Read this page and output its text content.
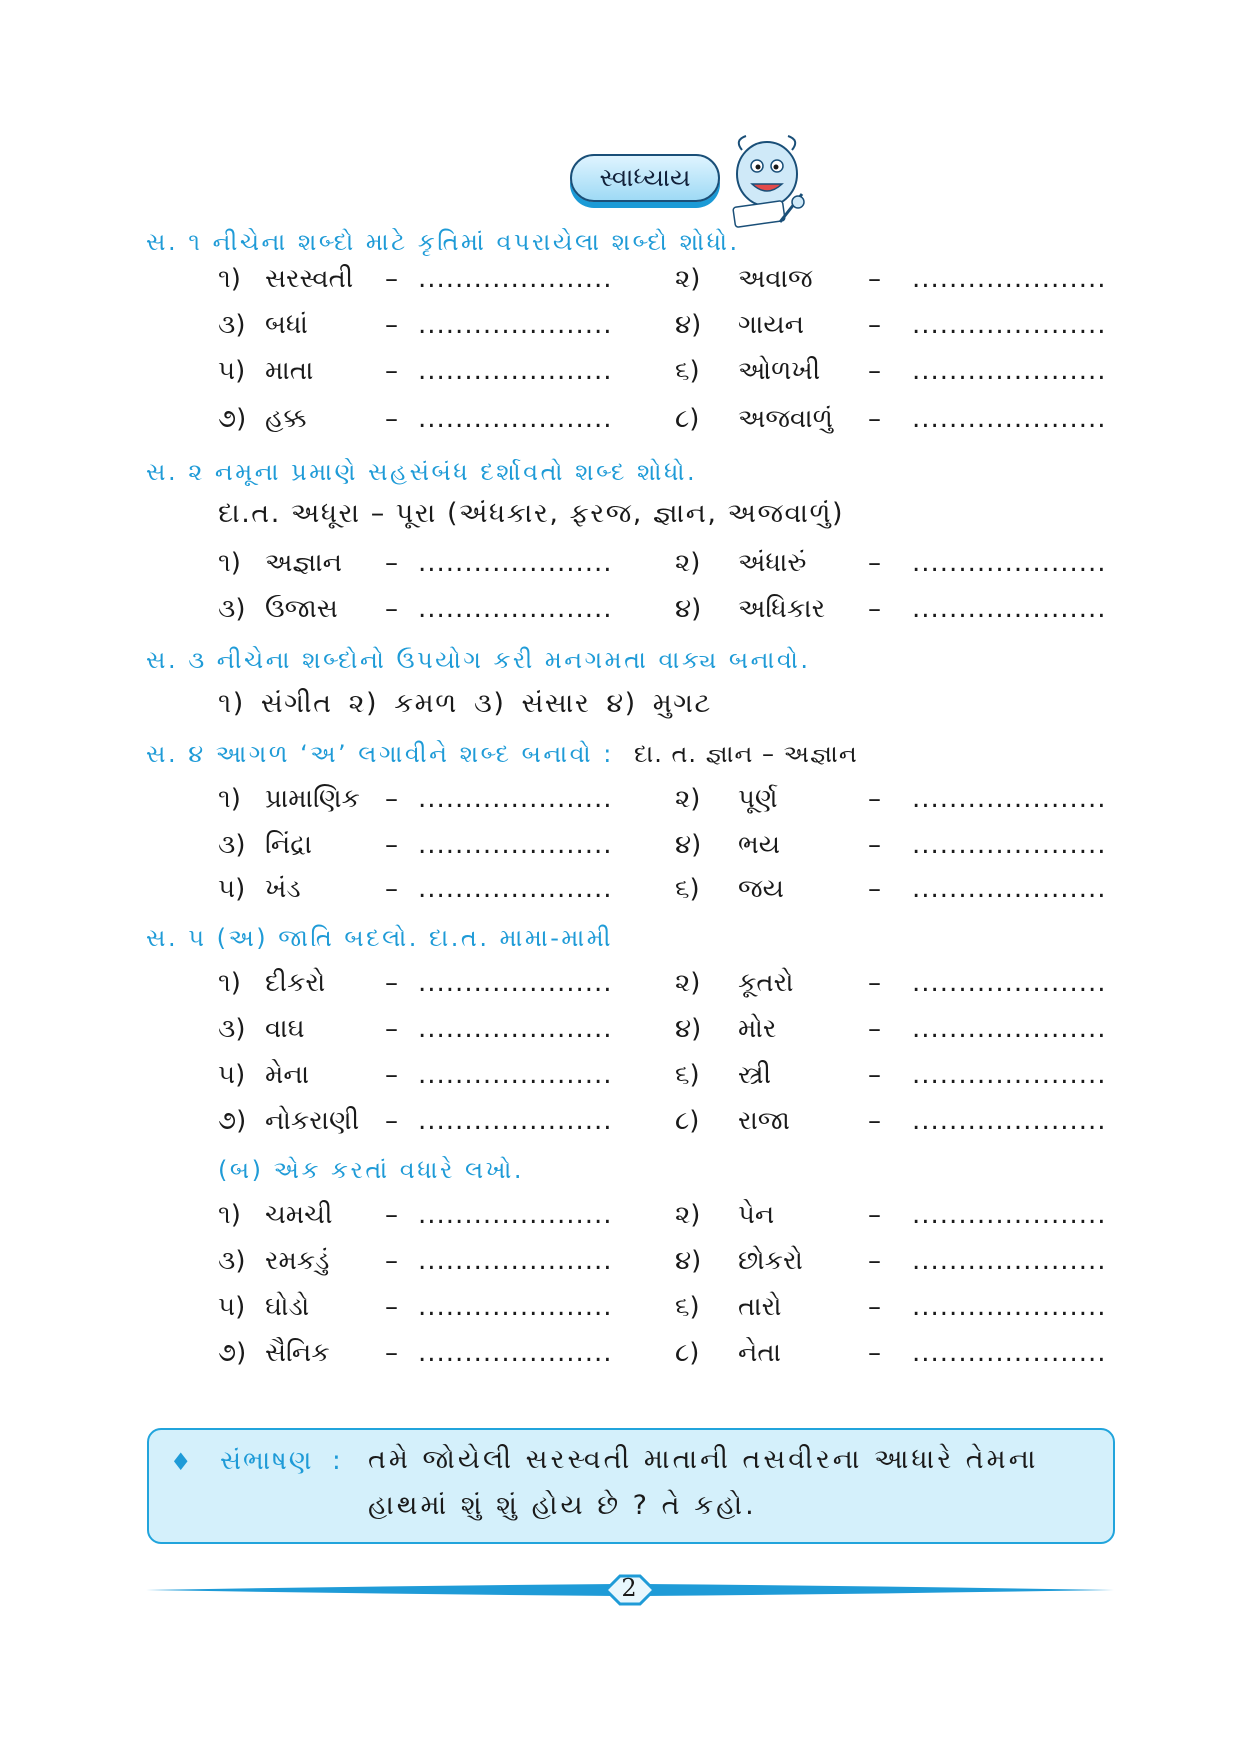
સ્વાધ્યાય
સ. ૧ નીચેના શબ્દો માટે કૃતિમાં વપરાયેલા શબ્દો શોધો.
૧) સરસ્વતી – ..................... ૨) અવાજ – .....................
૩) બધાં	– ..................... ૪) ગાયન – .....................
૫) માતા	– ..................... ૬) ઓળખી – .....................
૭) હક્ક	– ..................... ૮) અજવાળું – .....................
સ. ૨ નમૂના પ્રમાણે સહસંબંધ દર્શાવતો શબ્દ શોધો.
દા.ત. અધૂરા – પૂરા (અંધકાર, ફરજ, જ્ઞાન, અજવાળું)
૧) અજ્ઞાન – ..................... ૨) અંધારું – .....................
૩) ઉજાસ – ..................... ૪) અધિકાર – .....................
સ. ૩ નીચેના શબ્દોનો ઉપયોગ કરી મનગમતા વાક્ય બનાવો.
૧) સંગીત ૨) કમળ ૩) સંસાર ૪) મુગટ
સ. ૪ આગળ ‘અ’ લગાવીને શબ્દ બનાવો : દા. ત. જ્ઞાન – અજ્ઞાન
૧) પ્રામાણિક – ..................... ૨) પૂર્ણ	– .....................
૩) નિંદ્રા	– ..................... ૪) ભય	– .....................
૫) ખંડ	– ..................... ૬) જય	– .....................
સ. ૫ (અ) જાતિ બદલો. દા.ત. મામા-મામી
૧) દીકરો – ..................... ૨) કૂતરો	– .....................
૩) વાઘ	– ..................... ૪) મોર	– .....................
૫) મેના	– ..................... ૬) સ્ત્રી	– .....................
૭) નોકરાણી – ..................... ૮) રાજા	– .....................
(બ) એક કરતાં વધારે લખો.
૧) ચમચી – ..................... ૨) પેન	– .....................
૩) રમકડું – ..................... ૪) છોકરો	– .....................
૫) ઘોડો	– ..................... ૬) તારો	– .....................
૭) સૈનિક – ..................... ૮) નેતા	– .....................
♦ સંભાષણ : તમે જોયેલી સરસ્વતી માતાની તસવીરના આધારે તેમના
હાથમાં શું શું હોય છે ? તે કહો.
2
